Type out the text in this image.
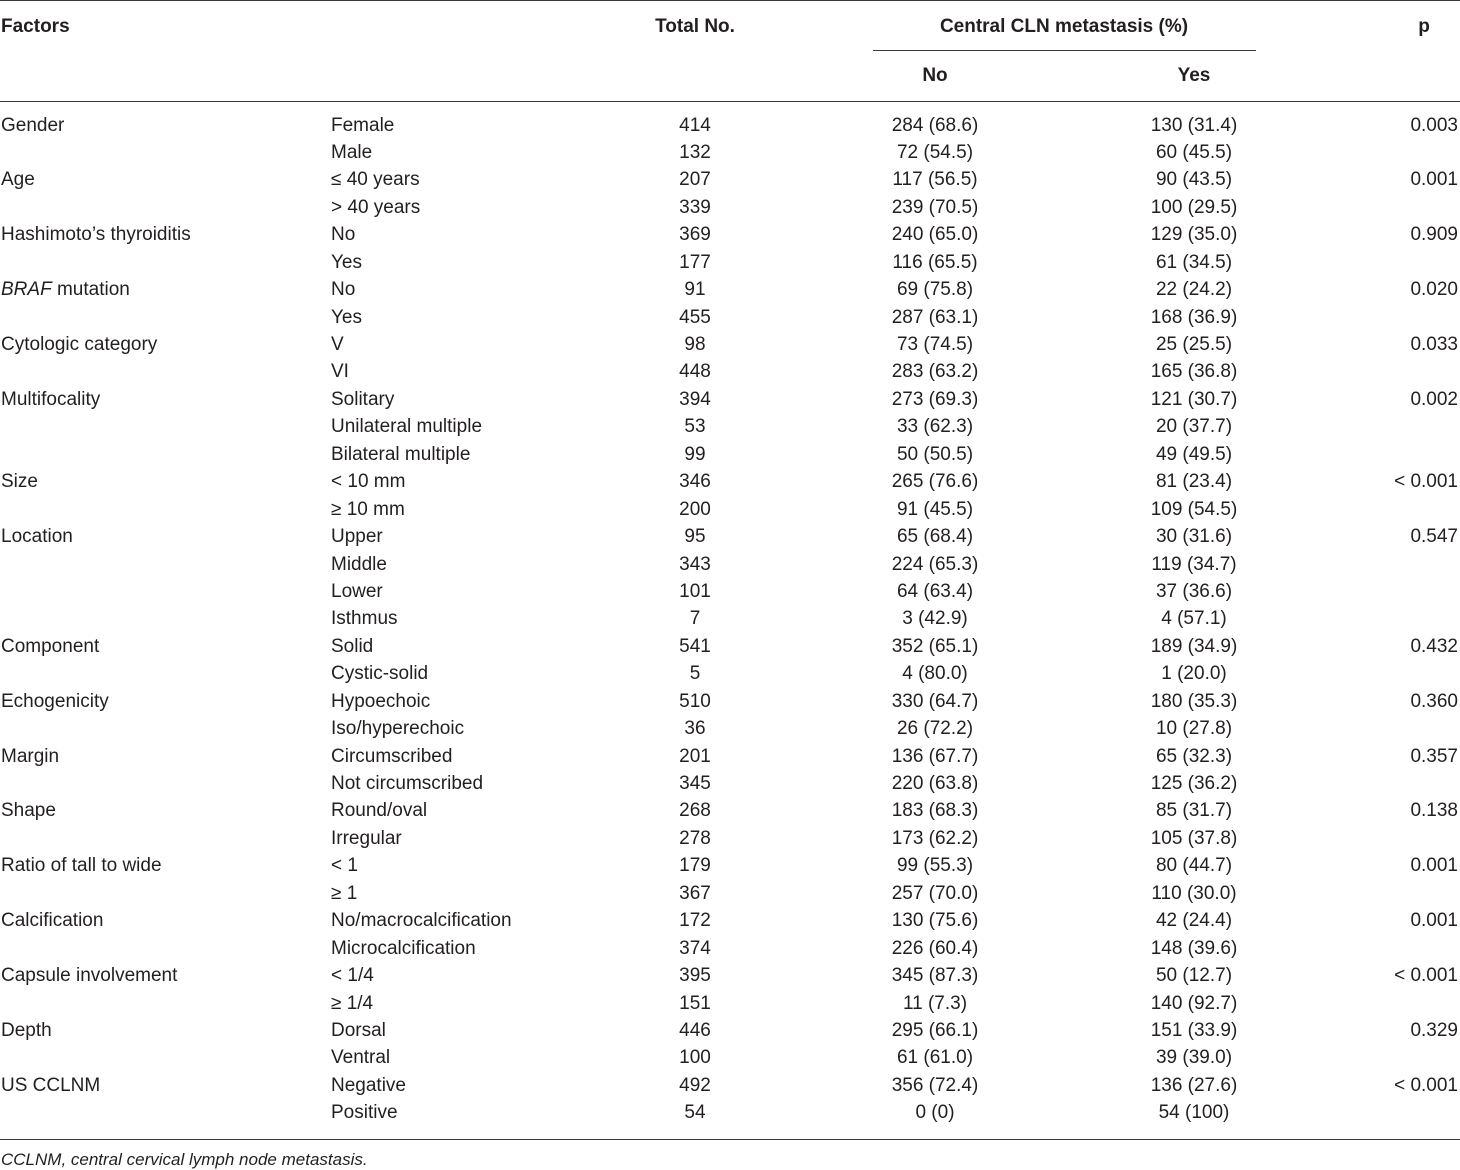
Factors	Total No.	Central CLN metastasis (%)	p
No	Yes
Gender	Female	414	284 (68.6)	130 (31.4)	0.003
Male	132	72 (54.5)	60 (45.5)
Age	≤ 40 years	207	117 (56.5)	90 (43.5)	0.001
> 40 years	339	239 (70.5)	100 (29.5)
Hashimoto’s thyroiditis	No	369	240 (65.0)	129 (35.0)	0.909
Yes	177	116 (65.5)	61 (34.5)
BRAF mutation	No	91	69 (75.8)	22 (24.2)	0.020
Yes	455	287 (63.1)	168 (36.9)
Cytologic category	V	98	73 (74.5)	25 (25.5)	0.033
VI	448	283 (63.2)	165 (36.8)
Multifocality	Solitary	394	273 (69.3)	121 (30.7)	0.002
Unilateral multiple	53	33 (62.3)	20 (37.7)
Bilateral multiple	99	50 (50.5)	49 (49.5)
Size	< 10 mm	346	265 (76.6)	81 (23.4)	< 0.001
≥ 10 mm	200	91 (45.5)	109 (54.5)
Location	Upper	95	65 (68.4)	30 (31.6)	0.547
Middle	343	224 (65.3)	119 (34.7)
Lower	101	64 (63.4)	37 (36.6)
Isthmus	7	3 (42.9)	4 (57.1)
Component	Solid	541	352 (65.1)	189 (34.9)	0.432
Cystic-solid	5	4 (80.0)	1 (20.0)
Echogenicity	Hypoechoic	510	330 (64.7)	180 (35.3)	0.360
Iso/hyperechoic	36	26 (72.2)	10 (27.8)
Margin	Circumscribed	201	136 (67.7)	65 (32.3)	0.357
Not circumscribed	345	220 (63.8)	125 (36.2)
Shape	Round/oval	268	183 (68.3)	85 (31.7)	0.138
Irregular	278	173 (62.2)	105 (37.8)
Ratio of tall to wide	< 1	179	99 (55.3)	80 (44.7)	0.001
≥ 1	367	257 (70.0)	110 (30.0)
Calcification	No/macrocalcification	172	130 (75.6)	42 (24.4)	0.001
Microcalcification	374	226 (60.4)	148 (39.6)
Capsule involvement	< 1/4	395	345 (87.3)	50 (12.7)	< 0.001
≥ 1/4	151	11 (7.3)	140 (92.7)
Depth	Dorsal	446	295 (66.1)	151 (33.9)	0.329
Ventral	100	61 (61.0)	39 (39.0)
US CCLNM	Negative	492	356 (72.4)	136 (27.6)	< 0.001
Positive	54	0 (0)	54 (100)
CCLNM, central cervical lymph node metastasis.
